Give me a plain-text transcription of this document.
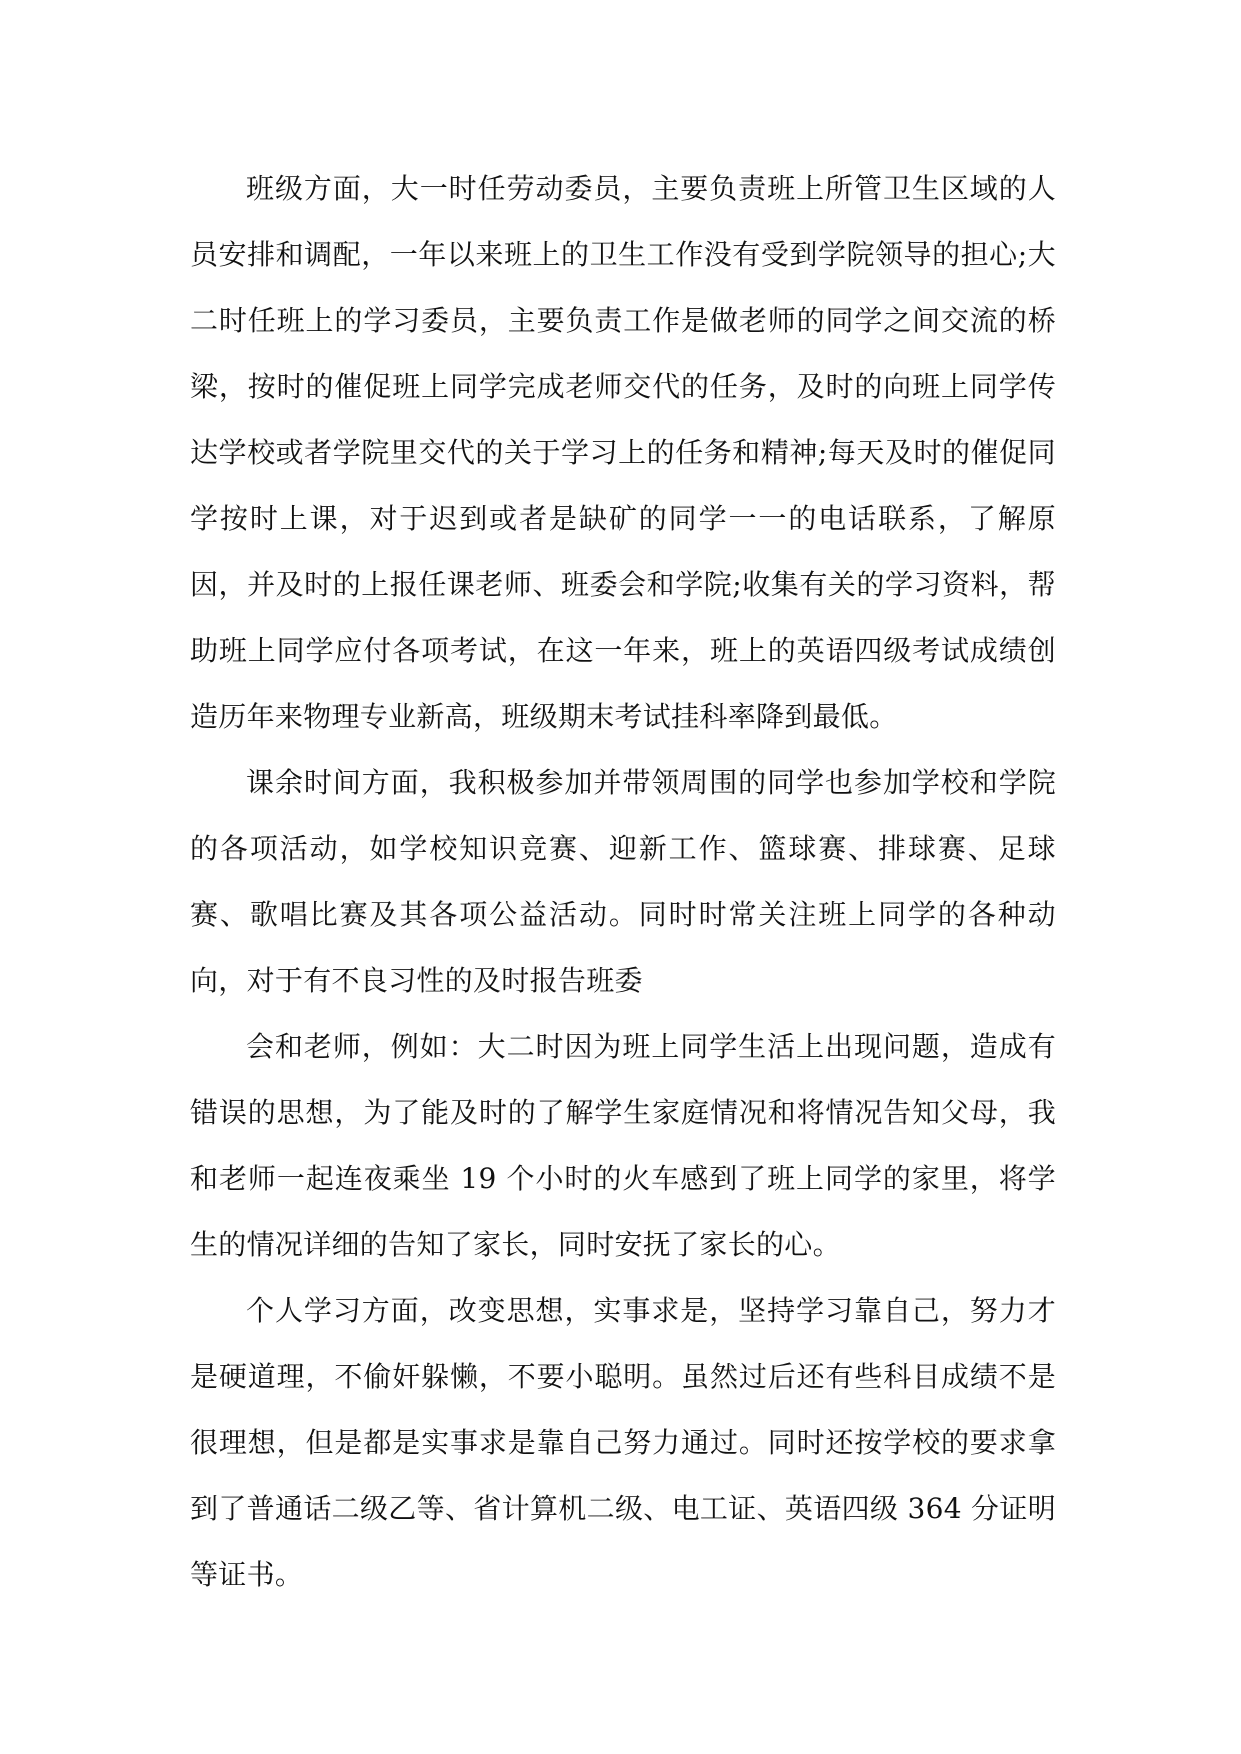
班级方面，大一时任劳动委员，主要负责班上所管卫生区域的人员安排和调配，一年以来班上的卫生工作没有受到学院领导的担心;大二时任班上的学习委员，主要负责工作是做老师的同学之间交流的桥梁，按时的催促班上同学完成老师交代的任务，及时的向班上同学传达学校或者学院里交代的关于学习上的任务和精神;每天及时的催促同学按时上课，对于迟到或者是缺矿的同学一一的电话联系，了解原因，并及时的上报任课老师、班委会和学院;收集有关的学习资料，帮助班上同学应付各项考试，在这一年来，班上的英语四级考试成绩创造历年来物理专业新高，班级期末考试挂科率降到最低。

课余时间方面，我积极参加并带领周围的同学也参加学校和学院的各项活动，如学校知识竞赛、迎新工作、篮球赛、排球赛、足球赛、歌唱比赛及其各项公益活动。同时时常关注班上同学的各种动向，对于有不良习性的及时报告班委

会和老师，例如：大二时因为班上同学生活上出现问题，造成有错误的思想，为了能及时的了解学生家庭情况和将情况告知父母，我和老师一起连夜乘坐 19 个小时的火车感到了班上同学的家里，将学生的情况详细的告知了家长，同时安抚了家长的心。

个人学习方面，改变思想，实事求是，坚持学习靠自己，努力才是硬道理，不偷奸躲懒，不要小聪明。虽然过后还有些科目成绩不是很理想，但是都是实事求是靠自己努力通过。同时还按学校的要求拿到了普通话二级乙等、省计算机二级、电工证、英语四级 364 分证明等证书。
